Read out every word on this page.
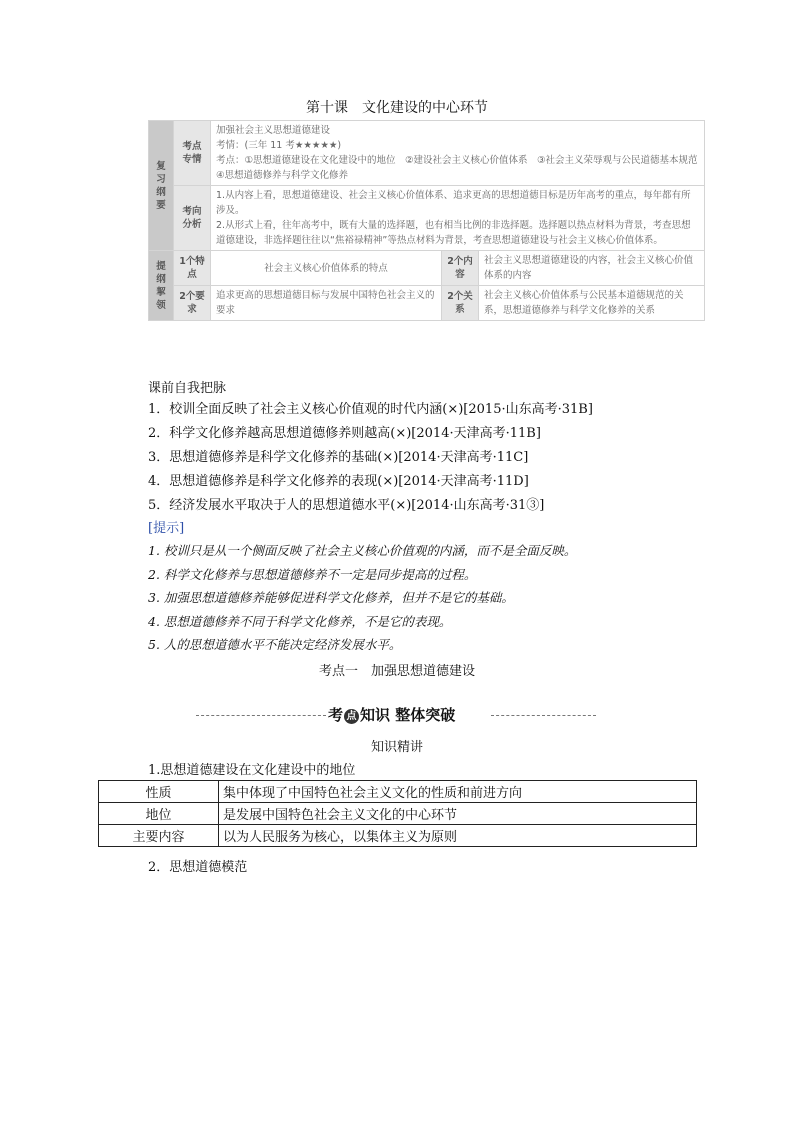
第十课　文化建设的中心环节
复习纲要	考点专情	加强社会主义思想道德建设
考情：(三年 11 考★★★★★)
考点：①思想道德建设在文化建设中的地位　②建设社会主义核心价值体系　③社会主义荣辱观与公民道德基本规范　④思想道德修养与科学文化修养		

	考向分析	1.从内容上看，思想道德建设、社会主义核心价值体系、追求更高的思想道德目标是历年高考的重点，每年都有所涉及。
2.从形式上看，往年高考中，既有大量的选择题，也有相当比例的非选择题。选择题以热点材料为背景，考查思想道德建设，非选择题往往以“焦裕禄精神”等热点材料为背景，考查思想道德建设与社会主义核心价值体系。		

提纲挈领	1个特点	社会主义核心价值体系的特点	2个内容	社会主义思想道德建设的内容，社会主义核心价值体系的内容
	2个要求	追求更高的思想道德目标与发展中国特色社会主义的要求	2个关系	社会主义核心价值体系与公民基本道德规范的关系，思想道德修养与科学文化修养的关系
课前自我把脉
1．校训全面反映了社会主义核心价值观的时代内涵(×)[2015·山东高考·31B]
2．科学文化修养越高思想道德修养则越高(×)[2014·天津高考·11B]
3．思想道德修养是科学文化修养的基础(×)[2014·天津高考·11C]
4．思想道德修养是科学文化修养的表现(×)[2014·天津高考·11D]
5．经济发展水平取决于人的思想道德水平(×)[2014·山东高考·31③]
[提示]
1. 校训只是从一个侧面反映了社会主义核心价值观的内涵，而不是全面反映。
2. 科学文化修养与思想道德修养不一定是同步提高的过程。
3. 加强思想道德修养能够促进科学文化修养，但并不是它的基础。
4. 思想道德修养不同于科学文化修养，不是它的表现。
5. 人的思想道德水平不能决定经济发展水平。
考点一　加强思想道德建设
考 点 知识 整体突破
知识精讲
1.思想道德建设在文化建设中的地位
性质	集中体现了中国特色社会主义文化的性质和前进方向
地位	是发展中国特色社会主义文化的中心环节
主要内容	以为人民服务为核心，以集体主义为原则
2．思想道德模范
